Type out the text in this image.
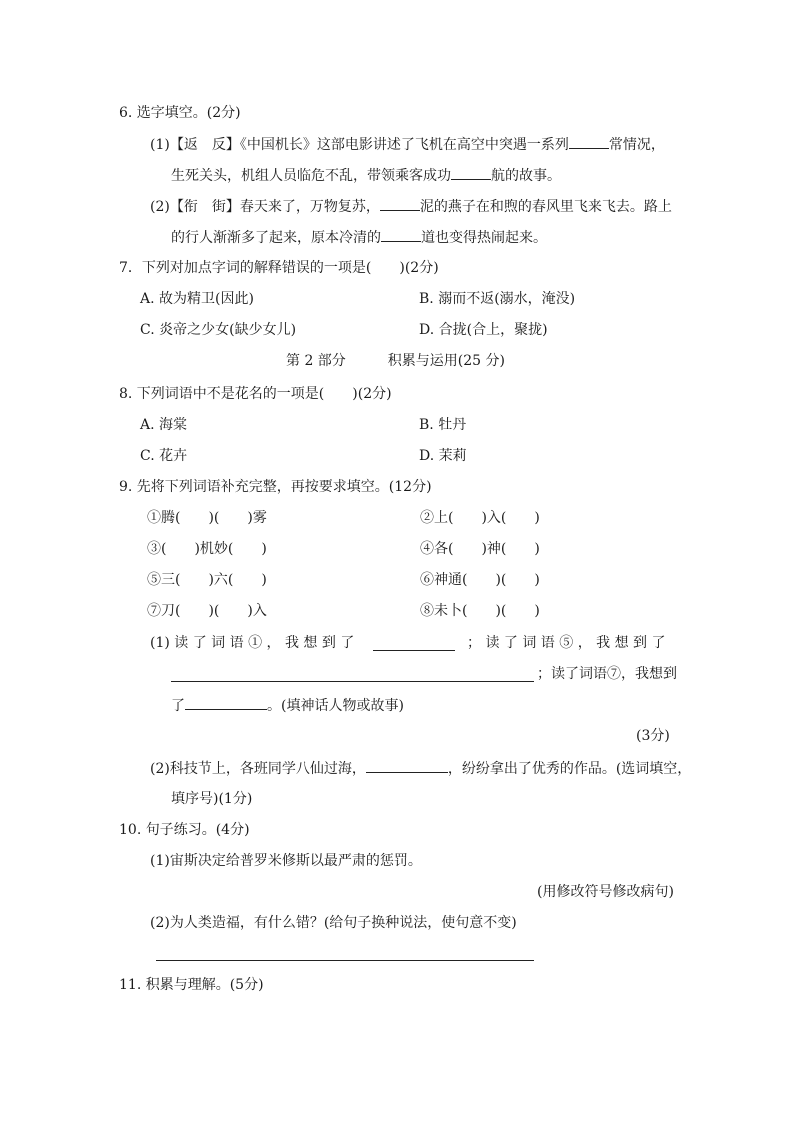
6. 选字填空。(2分)
(1)【返　反】《中国机长》这部电影讲述了飞机在高空中突遇一系列	常情况，
生死关头，机组人员临危不乱，带领乘客成功	航的故事。
(2)【衔　街】春天来了，万物复苏，	泥的燕子在和煦的春风里飞来飞去。路上
的行人渐渐多了起来，原本冷清的	道也变得热闹起来。
7．下列对加点字词的解释错误的一项是(　　)(2分)
A. 故为精卫(因此)	B. 溺而不返(溺水，淹没)
C. 炎帝之少女(缺少女儿)	D. 合拢(合上，聚拢)
第 2 部分　　　积累与运用(25 分)
8. 下列词语中不是花名的一项是(　　)(2分)
A. 海棠	B. 牡丹
C. 花卉	D. 茉莉
9. 先将下列词语补充完整，再按要求填空。(12分)
①腾(　　)(　　)雾	②上(　　)入(　　)
③(　　)机妙(　　)	④各(　　)神(　　)
⑤三(　　)六(　　)	⑥神通(　　)(　　)
⑦刀(　　)(　　)入	⑧未卜(　　)(　　)
(1) 读 了 词 语 ① ， 我 想 到 了	； 读 了 词 语 ⑤ ， 我 想 到 了
；读了词语⑦，我想到
了	。(填神话人物或故事)
(3分)
(2)科技节上，各班同学八仙过海，	，纷纷拿出了优秀的作品。(选词填空，
填序号)(1分)
10. 句子练习。(4分)
(1)宙斯决定给普罗米修斯以最严肃的惩罚。
(用修改符号修改病句)
(2)为人类造福，有什么错？(给句子换种说法，使句意不变)
11. 积累与理解。(5分)
